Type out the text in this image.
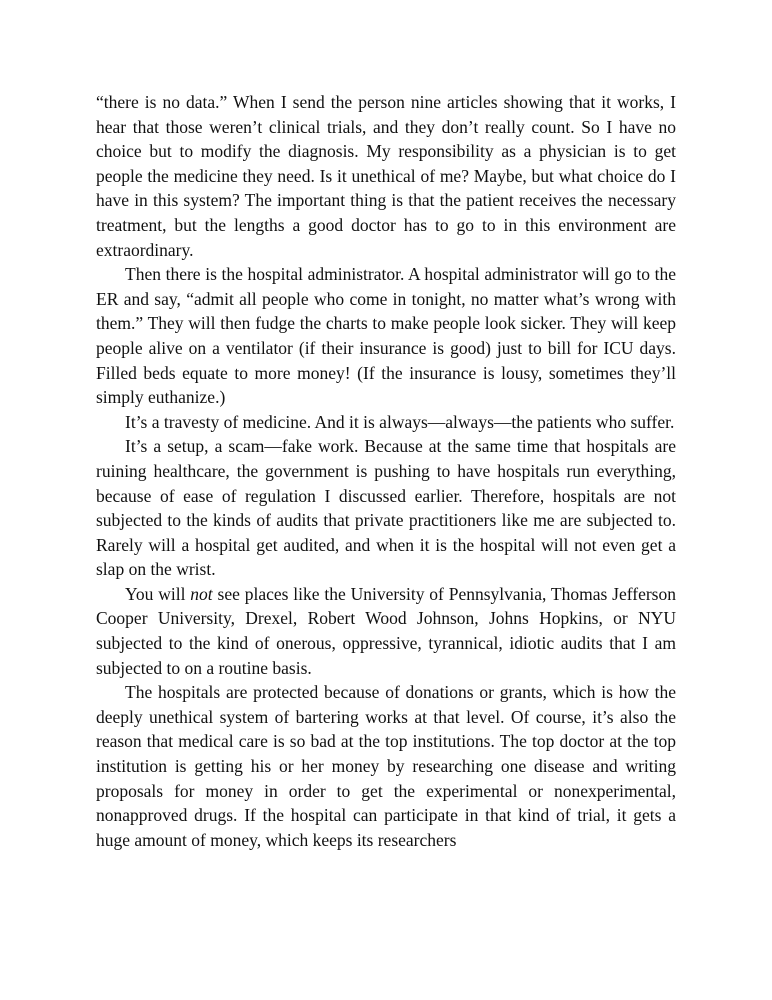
“there is no data.” When I send the person nine articles showing that it works, I hear that those weren’t clinical trials, and they don’t really count. So I have no choice but to modify the diagnosis. My responsibility as a physician is to get people the medicine they need. Is it unethical of me? Maybe, but what choice do I have in this system? The important thing is that the patient receives the necessary treatment, but the lengths a good doctor has to go to in this environment are extraordinary.

Then there is the hospital administrator. A hospital administrator will go to the ER and say, “admit all people who come in tonight, no matter what’s wrong with them.” They will then fudge the charts to make people look sicker. They will keep people alive on a ventilator (if their insurance is good) just to bill for ICU days. Filled beds equate to more money! (If the insurance is lousy, sometimes they’ll simply euthanize.)

It’s a travesty of medicine. And it is always—always—the patients who suffer.

It’s a setup, a scam—fake work. Because at the same time that hospitals are ruining healthcare, the government is pushing to have hospitals run everything, because of ease of regulation I discussed earlier. Therefore, hospitals are not subjected to the kinds of audits that private practitioners like me are subjected to. Rarely will a hospital get audited, and when it is the hospital will not even get a slap on the wrist.

You will not see places like the University of Pennsylvania, Thomas Jefferson Cooper University, Drexel, Robert Wood Johnson, Johns Hopkins, or NYU subjected to the kind of onerous, oppressive, tyrannical, idiotic audits that I am subjected to on a routine basis.

The hospitals are protected because of donations or grants, which is how the deeply unethical system of bartering works at that level. Of course, it’s also the reason that medical care is so bad at the top institutions. The top doctor at the top institution is getting his or her money by researching one disease and writing proposals for money in order to get the experimental or nonexperimental, nonapproved drugs. If the hospital can participate in that kind of trial, it gets a huge amount of money, which keeps its researchers
